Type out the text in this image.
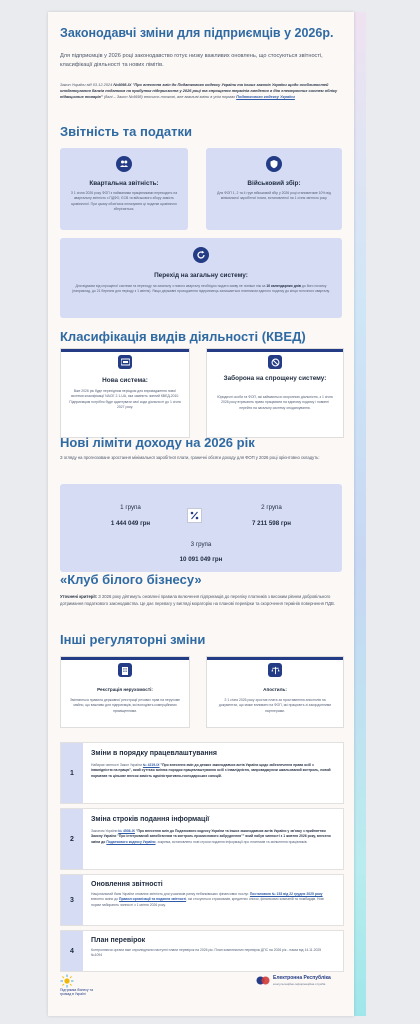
Законодавчі зміни для підприємців у 2026р.
Для підприємців у 2026 році законодавство готує низку важливих оновлень, що стосуються звітності, класифікації діяльності та нових лімітів.
Закон України від 03.12.2024 №4098-IX "Про внесення змін до Податкового кодексу України та інших законів України щодо особливостей оподаткування банків податком на прибуток підприємств у 2026 році та спрощення термінів введення в дію електронних систем обліку підакцизних товарів" (далі – Закон №4698) вносить точкові, але важливі зміни в усім нормах Податкового кодексу України
Звітність та податки
Квартальна звітність:
З 1 січня 2026 року ФОП з найманими працівниками переходять на квартальну звітність з ПДФО, ЄСВ та військового збору замість щомісячної. При цьому обов'язок оплачувати ці податки щомісячно зберігається.
Військовий збір:
Для ФОП 1, 2 та 4 груп військовий збір у 2026 році становитиме 10% від мінімальної заробітної плати, встановленої на 1 січня звітного року.
Перехід на загальну систему:
Для відмови від спрощеної системи та переходу на загальну з нового кварталу необхідно подати заяву не пізніше ніж за 10 календарних днів до його початку (наприклад, до 21 березня для періоду з 1 квітня). Якщо державні проходження підприємець залишається платником єдиного податку до кінця поточного кварталу.
Класифікація видів діяльності (КВЕД)
Нова система:
Вже 2026 рік буде перехідним періодом для впровадження нової системи класифікації NACE 2.1-UA, яка замінить чинний КВЕД-2010. Підприємцям потрібно буде адаптувати свої коди діяльності до 1 січня 2027 року.
Заборона на спрощену систему:
Юридичні особи та ФОП, які займаються охоронною діяльністю, з 1 січня 2026 року втрачають право працювати на єдиному податку і повинні перейти на загальну систему оподаткування.
Нові ліміти доходу на 2026 рік
З огляду на прогнозоване зростання мінімальної заробітної плати, граничні обсяги доходу для ФОП у 2026 році орієнтовно складуть:
1 група
1 444 049 грн
2 група
7 211 598 грн
3 група
10 091 049 грн
«Клуб білого бізнесу»
Уточнені критерії: З 2026 року діятимуть оновлені правила включення підприємців до переліку платників з високим рівнем добровільного дотримання податкового законодавства. Це дає перевагу у вигляді мораторію на планові перевірки та скорочення термінів повернення ПДВ.
Інші регуляторні зміни
Реєстрація нерухомості:
Змінюються правила державної реєстрації речових прав на нерухоме майно, що важливо для підприємців, які володіють комерційними приміщеннями.
Апостиль:
З 1 січня 2026 року зростає плата за проставлення апостилів на документах, що може впливати на ФОП, які працюють зі закордонними партнерами.
1
Зміни в порядку працевлаштування
Набирає чинності Закон України № 4219-IX "Про внесення змін до деяких законодавчих актів України щодо забезпечення права осіб з інвалідністю на працю", який суттєво змінює порядок працевлаштування осіб з інвалідністю, запроваджуючи шкальований контроль, новий норматив та цільове внесок замість адміністративно-господарських санкцій.
2
Зміна строків подання інформації
Законом України № 4536-IX "Про внесення змін до Податкового кодексу України та інших законодавчих актів України у зв'язку з прийняттям Закону України "Про інтегрований запобіганням та контроль промислового забруднення"" який набув чинності з 1 жовтня 2026 року, внесено зміни до Податкового кодексу України, зокрема, встановлено нові строки подання інформації про платників та звільнення працівників.
3
Оновлення звітності
Національний банк України оновлює звітність для учасників ринку небанківських фінансових послуг. Постановою № 153 від 22 грудня 2025 року внесено зміни до Правил організації та подання звітності, які стосуються страховиків, кредитних спілок, фінансових компаній та ломбардів. Нові норми набирають чинності з 1 квітня 2026 року.
4
План перевірок
Контролюючи органи вже оприлюднили наступні плани перевірок на 2026 рік. План комплексних перевірок ДПС на 2026 рік - наказ від 14.11.2025 №1094
Підтримка бізнесу та громад в Україні
Електронна Республіка
консультаційно-інформаційна служба
